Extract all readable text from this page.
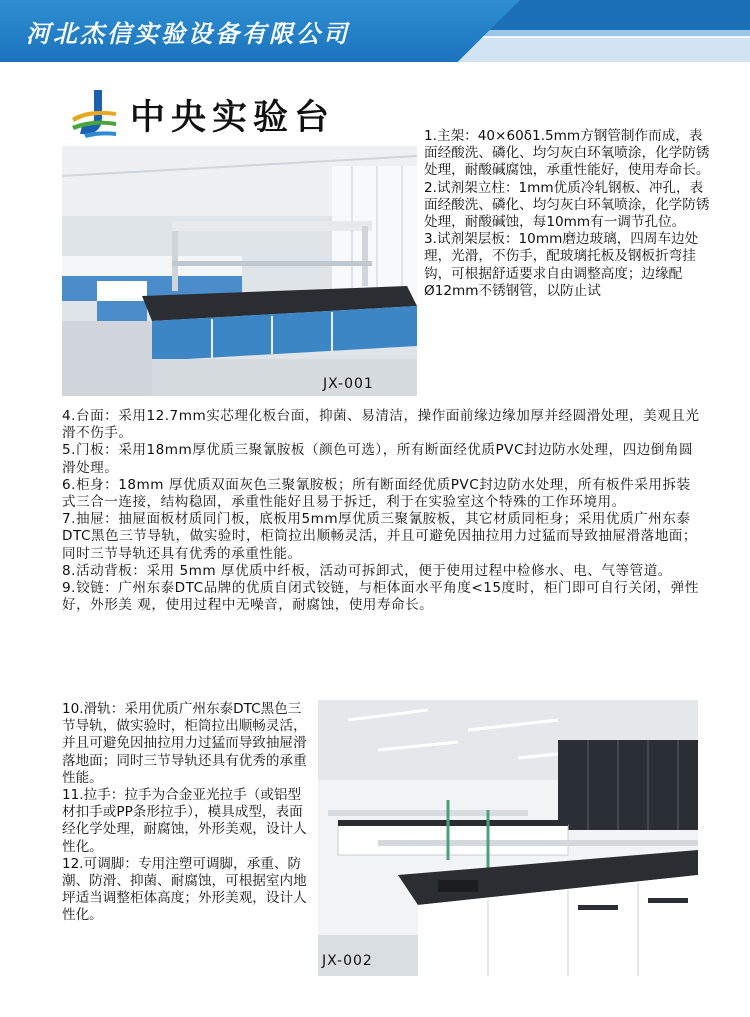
河北杰信实验设备有限公司
中央实验台
JX-001

1.主架：40×60δ1.5mm方钢管制作而成，表面经酸洗、磷化、均匀灰白环氧喷涂，化学防锈处理，耐酸碱腐蚀，承重性能好，使用寿命长。

2.试剂架立柱：1mm优质冷轧钢板、冲孔，表面经酸洗、磷化、均匀灰白环氧喷涂，化学防锈处理，耐酸碱蚀，每10mm有一调节孔位。

3.试剂架层板：10mm磨边玻璃，四周车边处理，光滑，不伤手，配玻璃托板及钢板折弯挂钩，可根据舒适要求自由调整高度；边缘配Ø12mm不锈钢管，以防止试

4.台面：采用12.7mm实芯理化板台面，抑菌、易清洁，操作面前缘边缘加厚并经圆滑处理，美观且光滑不伤手。

5.门板：采用18mm厚优质三聚氰胺板（颜色可选），所有断面经优质PVC封边防水处理，四边倒角圆滑处理。

6.柜身：18mm 厚优质双面灰色三聚氰胺板；所有断面经优质PVC封边防水处理，所有板件采用拆装式三合一连接，结构稳固，承重性能好且易于拆迁，利于在实验室这个特殊的工作环境用。

7.抽屉：抽屉面板材质同门板，底板用5mm厚优质三聚氰胺板，其它材质同柜身；采用优质广州东泰 DTC黑色三节导轨，做实验时，柜筒拉出顺畅灵活，并且可避免因抽拉用力过猛而导致抽屉滑落地面；同时三节导轨还具有优秀的承重性能。

8.活动背板：采用 5mm 厚优质中纤板，活动可拆卸式，便于使用过程中检修水、电、气等管道。

9.铰链：广州东泰DTC品牌的优质自闭式铰链，与柜体面水平角度<15度时，柜门即可自行关闭，弹性好，外形美 观，使用过程中无噪音，耐腐蚀，使用寿命长。

10.滑轨：采用优质广州东泰DTC黑色三节导轨，做实验时，柜筒拉出顺畅灵活，并且可避免因抽拉用力过猛而导致抽屉滑落地面；同时三节导轨还具有优秀的承重性能。

11.拉手：拉手为合金亚光拉手（或铝型材扣手或PP条形拉手），模具成型，表面经化学处理，耐腐蚀，外形美观，设计人性化。

12.可调脚：专用注塑可调脚，承重、防潮、防滑、抑菌、耐腐蚀，可根据室内地坪适当调整柜体高度；外形美观，设计人性化。

JX-002
